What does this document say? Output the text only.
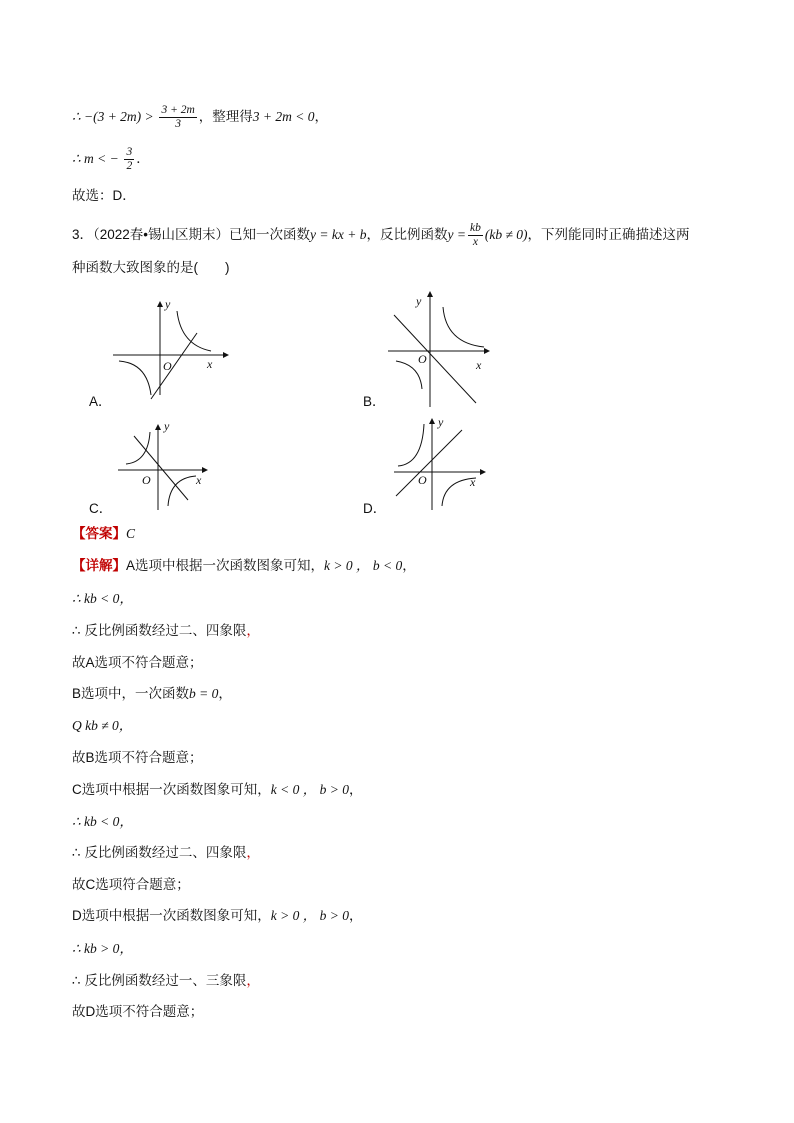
∴ $-(3 + 2m) > \frac{3 + 2m}{3}$ ，整理得3 + 2m < 0，
∴ m < − $\frac{3}{2}$ ．
故选：D．
3．（2022春•锡山区期末）已知一次函数y = kx + b，反比例函数$y = \frac{kb}{x} (kb \ne 0)$，下列能同时正确描述这两
种函数大致图象的是(　　)
y
x
O
A．
y
x
O
B．
y
x
O
C．
y
x
O
D．
【答案】C
【详解】A选项中根据一次函数图象可知，k > 0 ， b < 0，
∴ kb < 0，
∴ 反比例函数经过二、四象限，
故A选项不符合题意；
B选项中，一次函数b = 0，
Q kb ≠ 0，
故B选项不符合题意；
C选项中根据一次函数图象可知，k < 0 ， b > 0，
∴ kb < 0，
∴ 反比例函数经过二、四象限，
故C选项符合题意；
D选项中根据一次函数图象可知，k > 0 ， b > 0，
∴ kb > 0，
∴ 反比例函数经过一、三象限，
故D选项不符合题意；
